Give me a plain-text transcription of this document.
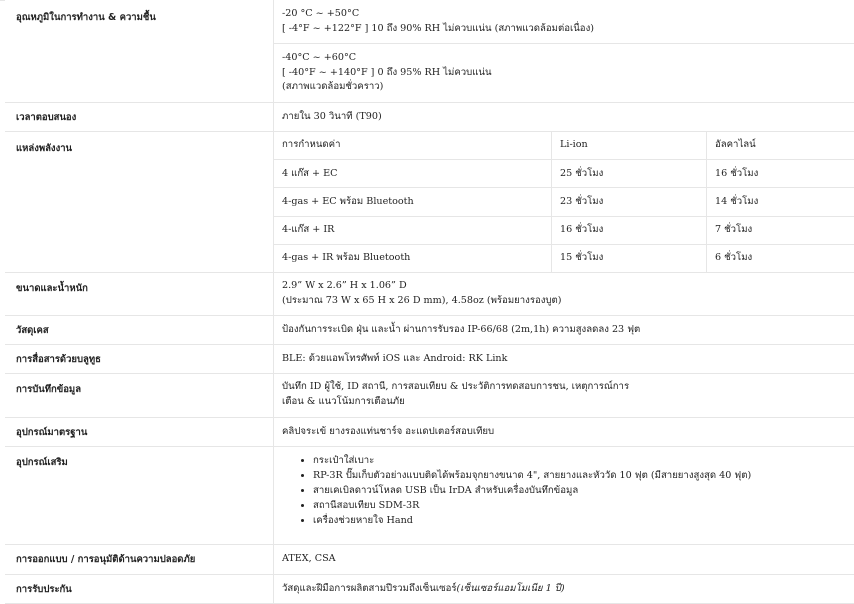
อุณหภูมิในการทำงาน & ความชื้น	-20 °C ~ +50°C
[ -4°F ~ +122°F ] 10 ถึง 90% RH ไม่ควบแน่น (สภาพแวดล้อมต่อเนื่อง)
-40°C ~ +60°C
[ -40°F ~ +140°F ] 0 ถึง 95% RH ไม่ควบแน่น
(สภาพแวดล้อมชั่วคราว)
เวลาตอบสนอง	ภายใน 30 วินาที (T90)
แหล่งพลังงาน	การกำหนดค่า	Li-ion	อัลคาไลน์
4 แก๊ส + EC	25 ชั่วโมง	16 ชั่วโมง
4-gas + EC พร้อม Bluetooth	23 ชั่วโมง	14 ชั่วโมง
4-แก๊ส + IR	16 ชั่วโมง	7 ชั่วโมง
4-gas + IR พร้อม Bluetooth	15 ชั่วโมง	6 ชั่วโมง
ขนาดและน้ำหนัก	2.9” W x 2.6” H x 1.06” D
(ประมาณ 73 W x 65 H x 26 D mm), 4.58oz (พร้อมยางรองบูต)
วัสดุเคส	ป้องกันการระเบิด ฝุ่น และน้ำ ผ่านการรับรอง IP-66/68 (2m,1h) ความสูงลดลง 23 ฟุต
การสื่อสารด้วยบลูทูธ	BLE: ด้วยแอพโทรศัพท์ iOS และ Android: RK Link
การบันทึกข้อมูล	บันทึก ID ผู้ใช้, ID สถานี, การสอบเทียบ & ประวัติการทดสอบการชน, เหตุการณ์การ
เตือน & แนวโน้มการเตือนภัย
อุปกรณ์มาตรฐาน	คลิปจระเข้ ยางรองแท่นชาร์จ อะแดปเตอร์สอบเทียบ
อุปกรณ์เสริม
•	กระเป๋าใส่เบาะ
• RP-3R ปั๊มเก็บตัวอย่างแบบติดได้พร้อมจุกยางขนาด 4", สายยางและหัววัด 10 ฟุต (มีสายยางสูงสุด 40 ฟุต)
• สายเคเบิลดาวน์โหลด USB เป็น IrDA สำหรับเครื่องบันทึกข้อมูล
• สถานีสอบเทียบ SDM-3R
• เครื่องช่วยหายใจ Hand
การออกแบบ / การอนุมัติด้านความปลอดภัย	ATEX, CSA
การรับประกัน	วัสดุและฝีมือการผลิตสามปีรวมถึงเซ็นเซอร์ (เซ็นเซอร์แอมโมเนีย 1 ปี)
